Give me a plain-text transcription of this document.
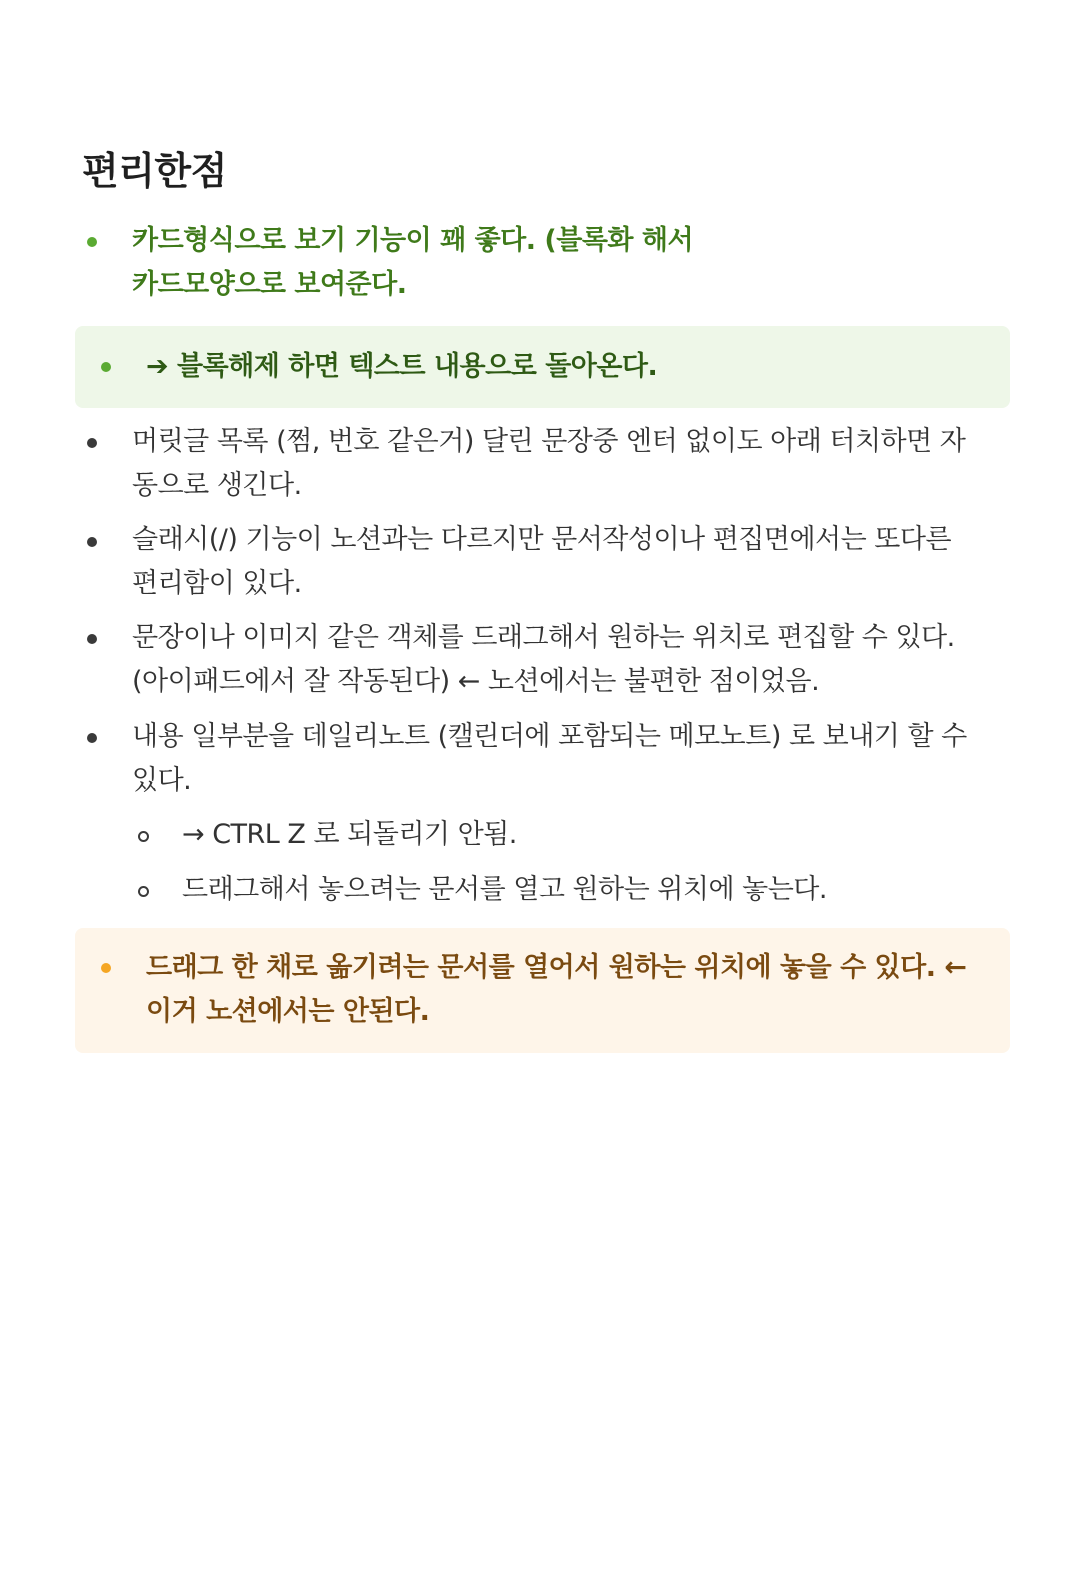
편리한점
카드형식으로 보기 기능이 꽤 좋다. (블록화 해서
카드모양으로 보여준다.
➔ 블록해제 하면 텍스트 내용으로 돌아온다.
머릿글 목록 (쩜, 번호 같은거) 달린 문장중 엔터 없이도 아래 터치하면 자
동으로 생긴다.
슬래시(/) 기능이 노션과는 다르지만 문서작성이나 편집면에서는 또다른
편리함이 있다.
문장이나 이미지 같은 객체를 드래그해서 원하는 위치로 편집할 수 있다.
(아이패드에서 잘 작동된다) ← 노션에서는 불편한 점이었음.
내용 일부분을 데일리노트 (캘린더에 포함되는 메모노트) 로 보내기 할 수
있다.
→ CTRL Z 로 되돌리기 안됨.
드래그해서 놓으려는 문서를 열고 원하는 위치에 놓는다.
드래그 한 채로 옮기려는 문서를 열어서 원하는 위치에 놓을 수 있다. ←
이거 노션에서는 안된다.
